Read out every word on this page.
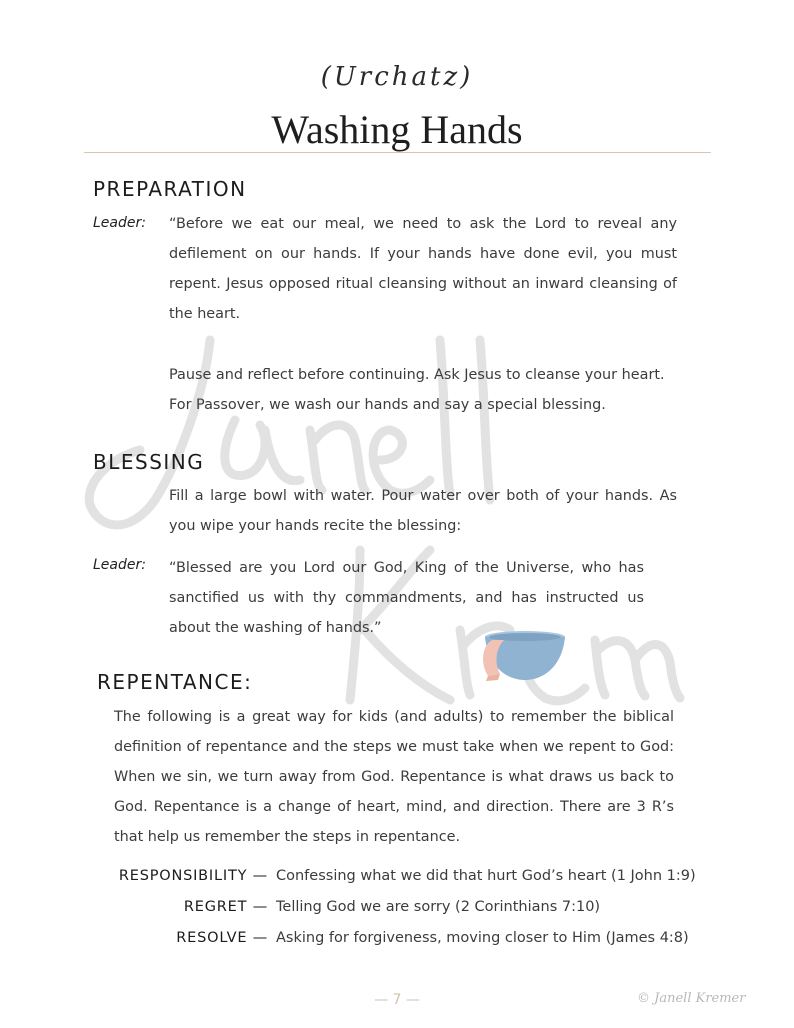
(Urchatz)
Washing Hands
PREPARATION
Leader: “Before we eat our meal, we need to ask the Lord to reveal any
defilement on our hands. If your hands have done evil, you must
repent. Jesus opposed ritual cleansing without an inward cleansing of
the heart.
Pause and reflect before continuing. Ask Jesus to cleanse your heart.
For Passover, we wash our hands and say a special blessing.
BLESSING
Fill a large bowl with water. Pour water over both of your hands. As
you wipe your hands recite the blessing:
Leader: “Blessed are you Lord our God, King of the Universe, who has
sanctified us with thy commandments, and has instructed us
about the washing of hands.”
REPENTANCE:
The following is a great way for kids (and adults) to remember the biblical
definition of repentance and the steps we must take when we repent to God:
When we sin, we turn away from God. Repentance is what draws us back to
God. Repentance is a change of heart, mind, and direction. There are 3 R’s
that help us remember the steps in repentance.
RESPONSIBILITY — Confessing what we did that hurt God’s heart (1 John 1:9)
REGRET — Telling God we are sorry (2 Corinthians 7:10)
RESOLVE — Asking for forgiveness, moving closer to Him (James 4:8)
— 7 —	© Janell Kremer
